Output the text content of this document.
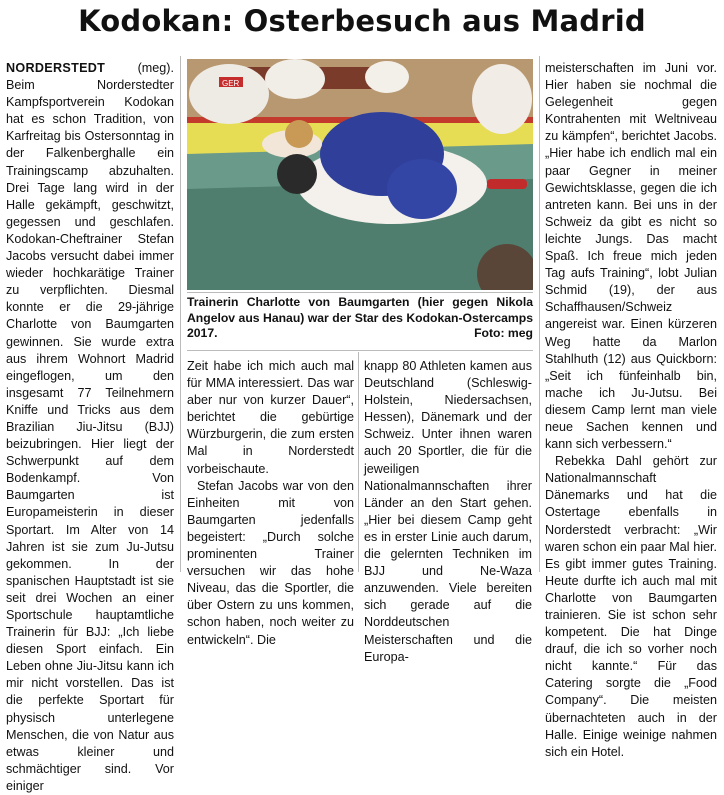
Kodokan: Osterbesuch aus Madrid

NORDERSTEDT	(meg). Beim Norderstedter Kampfsportverein Kodokan hat es schon Tradition, von Karfreitag bis Ostersonntag in der Falkenberghalle ein Trainingscamp abzuhalten. Drei Tage lang wird in der Halle gekämpft, geschwitzt, gegessen und geschlafen. Kodokan-Cheftrainer Stefan Jacobs versucht dabei immer wieder hochkarätige Trainer zu verpflichten. Diesmal konnte er die 29-jährige Charlotte von Baumgarten gewinnen. Sie wurde extra aus ihrem Wohnort Madrid eingeflogen, um den insgesamt 77 Teilnehmern Kniffe und Tricks aus dem Brazilian Jiu-Jitsu (BJJ) beizubringen. Hier liegt der Schwerpunkt auf dem Bodenkampf. Von Baumgarten ist Europameisterin in dieser Sportart. Im Alter von 14 Jahren ist sie zum Ju-Jutsu gekommen. In der spanischen Hauptstadt ist sie seit drei Wochen an einer Sportschule hauptamtliche Trainerin für BJJ: „Ich liebe diesen Sport einfach. Ein Leben ohne Jiu-Jitsu kann ich mir nicht vorstellen. Das ist die perfekte Sportart für physisch unterlegene Menschen, die von Natur aus etwas kleiner und schmächtiger sind. Vor einiger

GER
Trainerin Charlotte von Baumgarten (hier gegen Nikola Angelov aus Hanau) war der Star des Kodokan-Ostercamps 2017.	Foto: meg

Zeit habe ich mich auch mal für MMA interessiert. Das war aber nur von kurzer Dauer“, berichtet die gebürtige Würzburgerin, die zum ersten Mal in Norderstedt vorbeischaute.

Stefan Jacobs war von den Einheiten mit von Baumgarten jedenfalls begeistert: „Durch solche prominenten Trainer versuchen wir das hohe Niveau, das die Sportler, die über Ostern zu uns kommen, schon haben, noch weiter zu entwickeln“. Die

knapp 80 Athleten kamen aus Deutschland (Schleswig-Holstein, Niedersachsen, Hessen), Dänemark und der Schweiz. Unter ihnen waren auch 20 Sportler, die für die jeweiligen Nationalmannschaften ihrer Länder an den Start gehen. „Hier bei diesem Camp geht es in erster Linie auch darum, die gelernten Techniken im BJJ und Ne-Waza anzuwenden. Viele bereiten sich gerade auf die Norddeutschen Meisterschaften und die Europa-

meisterschaften im Juni vor. Hier haben sie nochmal die Gelegenheit gegen Kontrahenten mit Weltniveau zu kämpfen“, berichtet Jacobs. „Hier habe ich endlich mal ein paar Gegner in meiner Gewichtsklasse, gegen die ich antreten kann. Bei uns in der Schweiz da gibt es nicht so leichte Jungs. Das macht Spaß. Ich freue mich jeden Tag aufs Training“, lobt Julian Schmid (19), der aus Schaffhausen/Schweiz angereist war. Einen kürzeren Weg hatte da Marlon Stahlhuth (12) aus Quickborn: „Seit ich fünfeinhalb bin, mache ich Ju-Jutsu. Bei diesem Camp lernt man viele neue Sachen kennen und kann sich verbessern.“

Rebekka Dahl gehört zur Nationalmannschaft Dänemarks und hat die Ostertage ebenfalls in Norderstedt verbracht: „Wir waren schon ein paar Mal hier. Es gibt immer gutes Training. Heute durfte ich auch mal mit Charlotte von Baumgarten trainieren. Sie ist schon sehr kompetent. Die hat Dinge drauf, die ich so vorher noch nicht kannte.“ Für das Catering sorgte die „Food Company“. Die meisten übernachteten auch in der Halle. Einige weinige nahmen sich ein Hotel.
